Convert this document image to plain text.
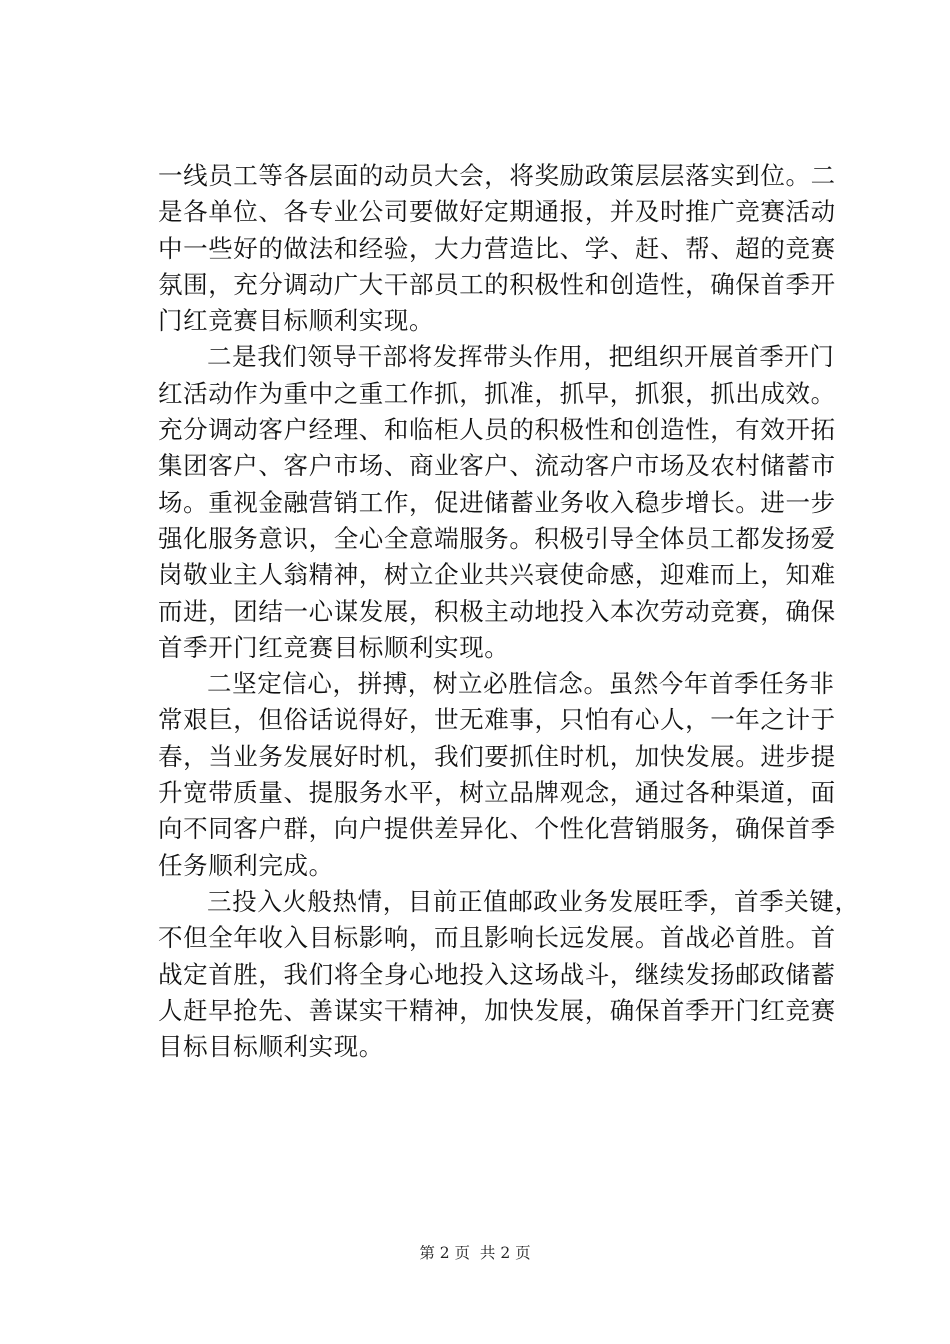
一线员工等各层面的动员大会，将奖励政策层层落实到位。二
是各单位、各专业公司要做好定期通报，并及时推广竞赛活动
中一些好的做法和经验，大力营造比、学、赶、帮、超的竞赛
氛围，充分调动广大干部员工的积极性和创造性，确保首季开
门红竞赛目标顺利实现。
二是我们领导干部将发挥带头作用，把组织开展首季开门
红活动作为重中之重工作抓，抓准，抓早，抓狠，抓出成效。
充分调动客户经理、和临柜人员的积极性和创造性，有效开拓
集团客户、客户市场、商业客户、流动客户市场及农村储蓄市
场。重视金融营销工作，促进储蓄业务收入稳步增长。进一步
强化服务意识，全心全意端服务。积极引导全体员工都发扬爱
岗敬业主人翁精神，树立企业共兴衰使命感，迎难而上，知难
而进，团结一心谋发展，积极主动地投入本次劳动竞赛，确保
首季开门红竞赛目标顺利实现。
二坚定信心，拼搏，树立必胜信念。虽然今年首季任务非
常艰巨，但俗话说得好，世无难事，只怕有心人，一年之计于
春，当业务发展好时机，我们要抓住时机，加快发展。进步提
升宽带质量、提服务水平，树立品牌观念，通过各种渠道，面
向不同客户群，向户提供差异化、个性化营销服务，确保首季
任务顺利完成。
三投入火般热情，目前正值邮政业务发展旺季，首季关键，
不但全年收入目标影响，而且影响长远发展。首战必首胜。首
战定首胜，我们将全身心地投入这场战斗，继续发扬邮政储蓄
人赶早抢先、善谋实干精神，加快发展，确保首季开门红竞赛
目标目标顺利实现。
第 2 页  共 2 页
